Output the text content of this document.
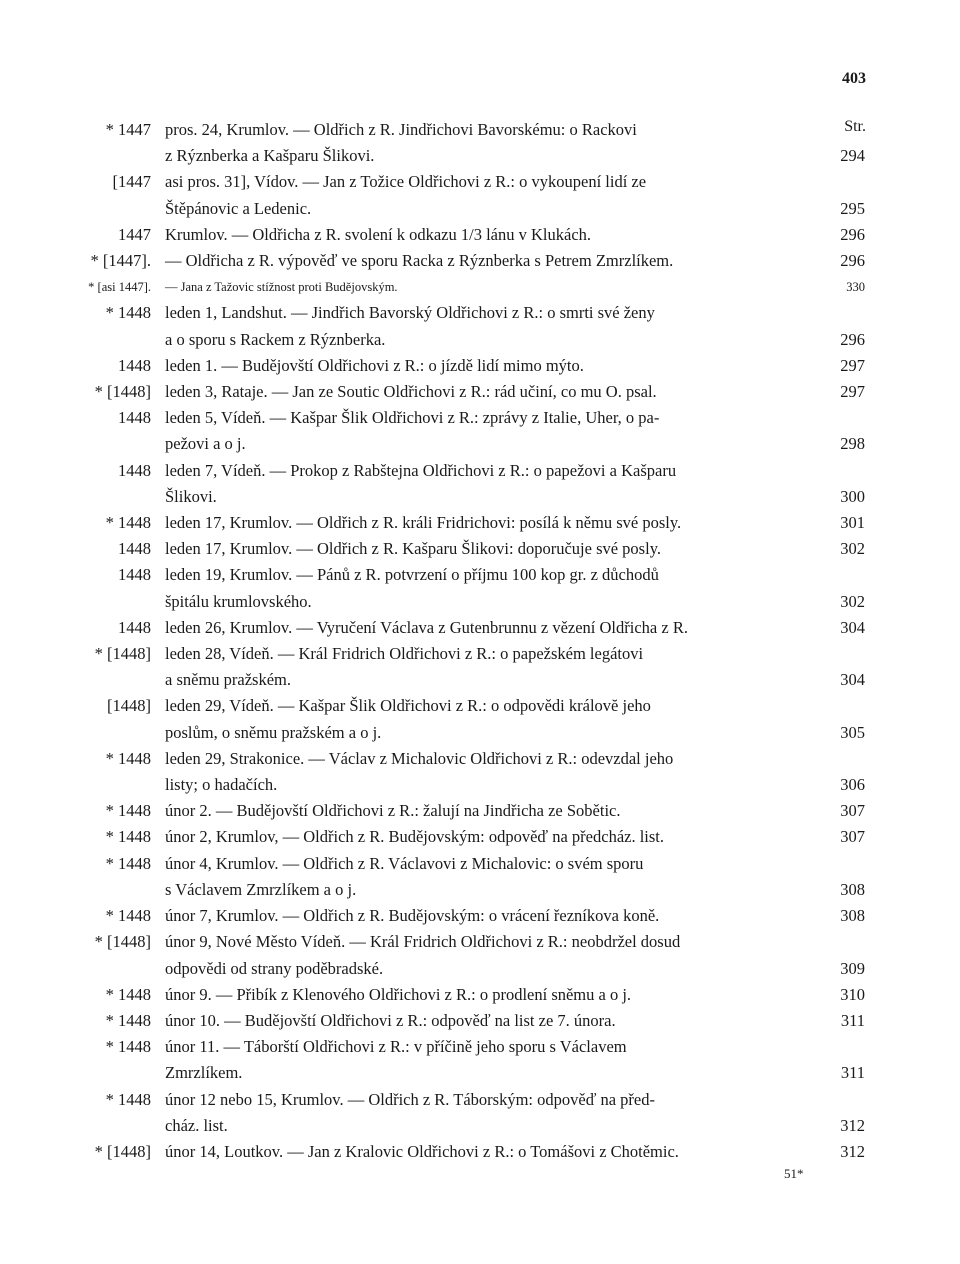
403
Str.
* 1447 pros. 24, Krumlov. — Oldřich z R. Jindřichovi Bavorskému: o Rackovi
z Rýznberka a Kašparu Šlikovi.	294
[1447 asi pros. 31], Vídov. — Jan z Tožice Oldřichovi z R.: o vykoupení lidí ze
Štěpánovic a Ledenic.	295
1447 Krumlov. — Oldřicha z R. svolení k odkazu 1/3 lánu v Klukách.	296
* [1447]. — Oldřicha z R. výpověď ve sporu Racka z Rýznberka s Petrem Zmrzlíkem.	296
* [asi 1447]. — Jana z Tažovic stížnost proti Budějovským.	330
* 1448 leden 1, Landshut. — Jindřich Bavorský Oldřichovi z R.: o smrti své ženy
a o sporu s Rackem z Rýznberka.	296
1448 leden 1. — Budějovští Oldřichovi z R.: o jízdě lidí mimo mýto.	297
* [1448] leden 3, Rataje. — Jan ze Soutic Oldřichovi z R.: rád učiní, co mu O. psal.	297
1448 leden 5, Vídeň. — Kašpar Šlik Oldřichovi z R.: zprávy z Italie, Uher, o pa-
pežovi a o j.	298
1448 leden 7, Vídeň. — Prokop z Rabštejna Oldřichovi z R.: o papežovi a Kašparu
Šlikovi.	300
* 1448 leden 17, Krumlov. — Oldřich z R. králi Fridrichovi: posílá k němu své posly.	301
1448 leden 17, Krumlov. — Oldřich z R. Kašparu Šlikovi: doporučuje své posly.	302
1448 leden 19, Krumlov. — Pánů z R. potvrzení o příjmu 100 kop gr. z důchodů
špitálu krumlovského.	302
1448 leden 26, Krumlov. — Vyručení Václava z Gutenbrunnu z vězení Oldřicha z R.	304
* [1448] leden 28, Vídeň. — Král Fridrich Oldřichovi z R.: o papežském legátovi
a sněmu pražském.	304
[1448] leden 29, Vídeň. — Kašpar Šlik Oldřichovi z R.: o odpovědi královĕ jeho
poslům, o sněmu pražském a o j.	305
* 1448 leden 29, Strakonice. — Václav z Michalovic Oldřichovi z R.: odevzdal jeho
listy; o hadačích.	306
* 1448 únor 2. — Budějovští Oldřichovi z R.: žalují na Jindřicha ze Sobětic.	307
* 1448 únor 2, Krumlov, — Oldřich z R. Budějovským: odpověď na předcház. list.	307
* 1448 únor 4, Krumlov. — Oldřich z R. Václavovi z Michalovic: o svém sporu
s Václavem Zmrzlíkem a o j.	308
* 1448 únor 7, Krumlov. — Oldřich z R. Budějovským: o vrácení řezníkova koně.	308
* [1448] únor 9, Nové Město Vídeň. — Král Fridrich Oldřichovi z R.: neobdržel dosud
odpovědi od strany poděbradské.	309
* 1448 únor 9. — Přibík z Klenového Oldřichovi z R.: o prodlení sněmu a o j.	310
* 1448 únor 10. — Budějovští Oldřichovi z R.: odpověď na list ze 7. února.	311
* 1448 únor 11. — Táborští Oldřichovi z R.: v příčině jeho sporu s Václavem
Zmrzlíkem.	311
* 1448 únor 12 nebo 15, Krumlov. — Oldřich z R. Táborským: odpověď na před-
cház. list.	312
* [1448] únor 14, Loutkov. — Jan z Kralovic Oldřichovi z R.: o Tomášovi z Chotěmic.	312
51*
